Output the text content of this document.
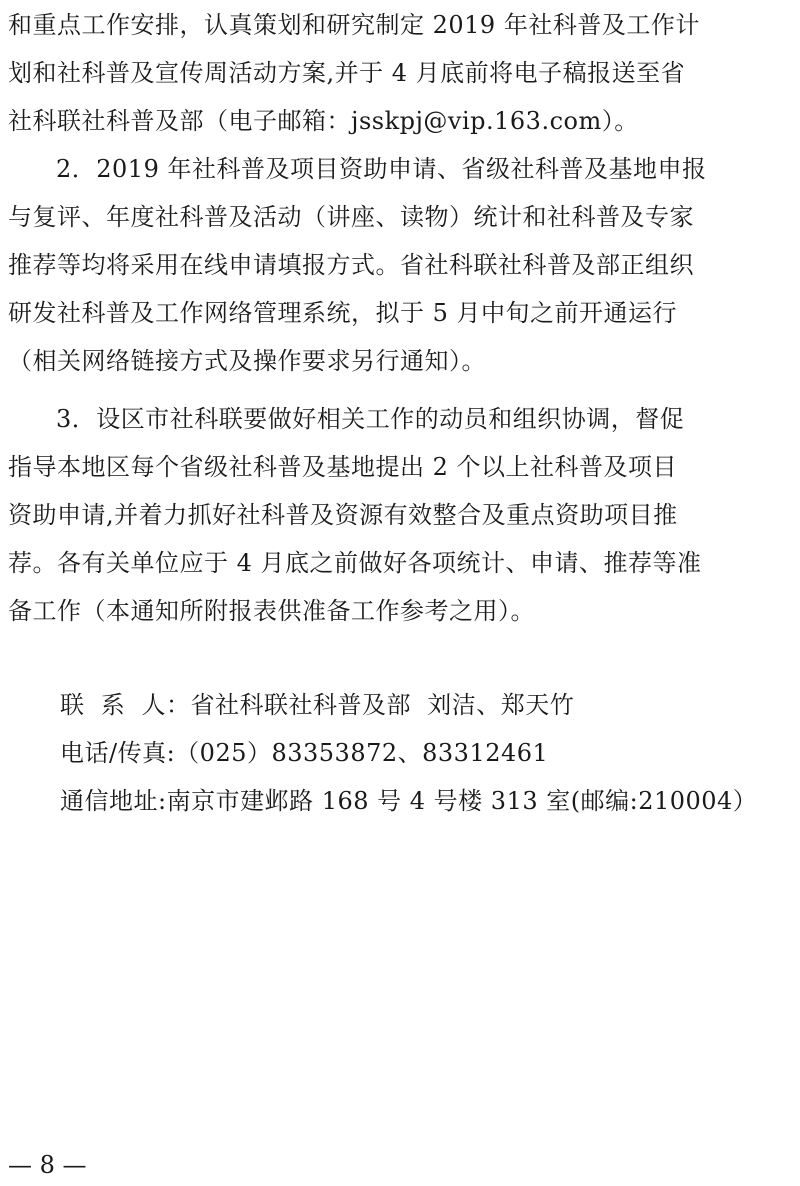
和重点工作安排，认真策划和研究制定 2019 年社科普及工作计
划和社科普及宣传周活动方案,并于 4 月底前将电子稿报送至省
社科联社科普及部（电子邮箱：jsskpj@vip.163.com）。
2．2019 年社科普及项目资助申请、省级社科普及基地申报
与复评、年度社科普及活动（讲座、读物）统计和社科普及专家
推荐等均将采用在线申请填报方式。省社科联社科普及部正组织
研发社科普及工作网络管理系统，拟于 5 月中旬之前开通运行
（相关网络链接方式及操作要求另行通知）。
3．设区市社科联要做好相关工作的动员和组织协调，督促
指导本地区每个省级社科普及基地提出 2 个以上社科普及项目
资助申请,并着力抓好社科普及资源有效整合及重点资助项目推
荐。各有关单位应于 4 月底之前做好各项统计、申请、推荐等准
备工作（本通知所附报表供准备工作参考之用）。
联  系  人：省社科联社科普及部  刘洁、郑天竹
电话/传真:（025）83353872、83312461
通信地址:南京市建邺路 168 号 4 号楼 313 室(邮编:210004）
— 8 —
